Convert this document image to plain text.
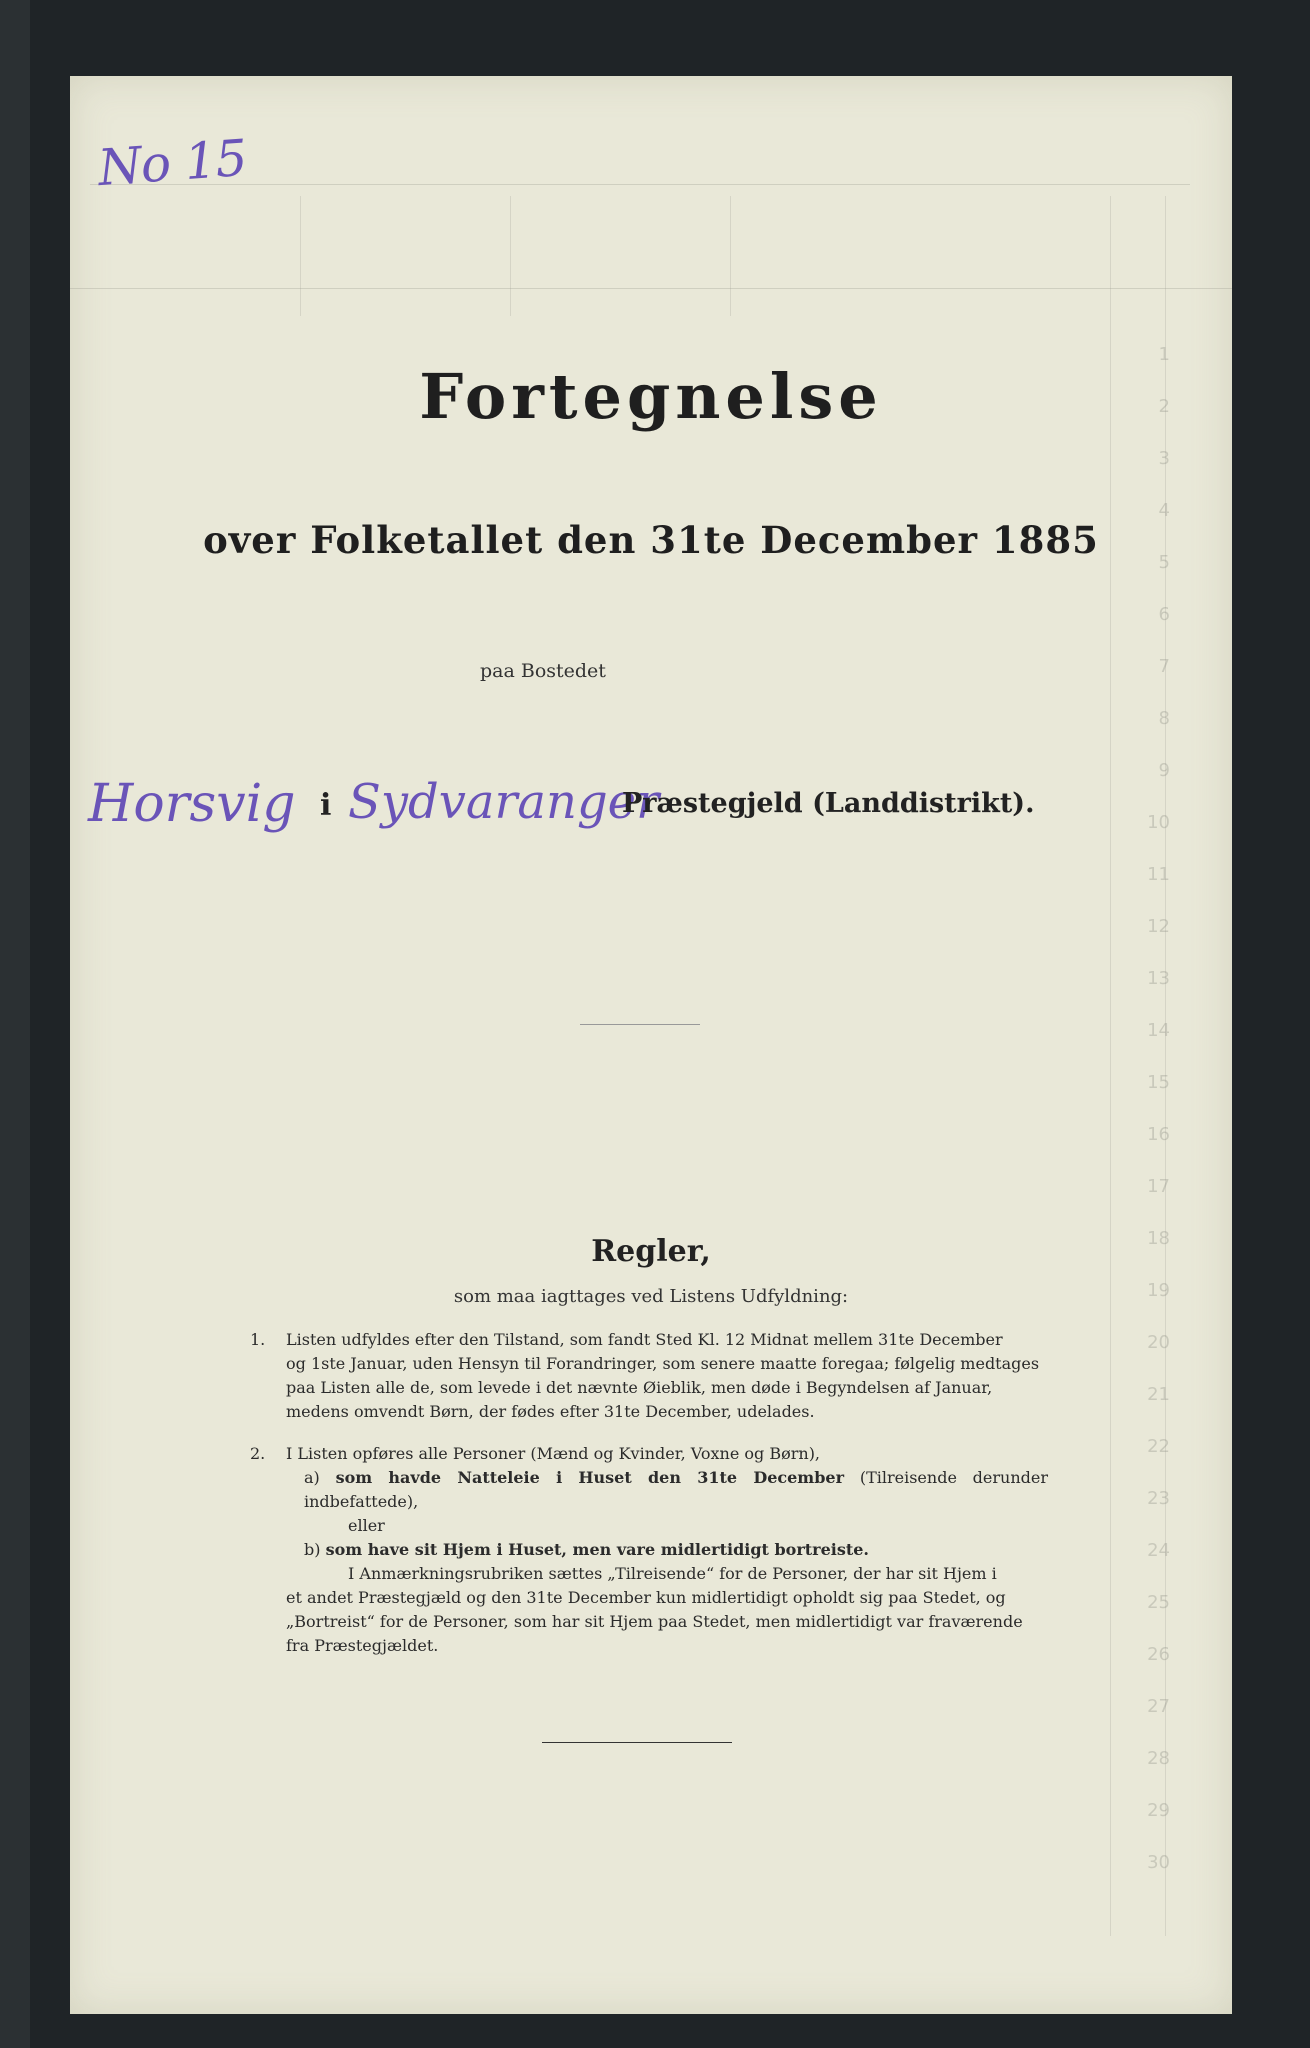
1
2
3
4
5
6
7
8
9
10
11
12
13
14
15
16
17
18
19
20
21
22
23
24
25
26
27
28
29
30
No 15
Fortegnelse
over Folketallet den 31te December 1885
paa Bostedet
Horsvig i Sydvaranger
Præstegjeld (Landdistrikt).
Regler,
som maa iagttages ved Listens Udfyldning:
1. Listen udfyldes efter den Tilstand, som fandt Sted Kl. 12 Midnat mellem 31te December
og 1ste Januar, uden Hensyn til Forandringer, som senere maatte foregaa; følgelig medtages
paa Listen alle de, som levede i det nævnte Øieblik, men døde i Begyndelsen af Januar,
medens omvendt Børn, der fødes efter 31te December, udelades.
2. I Listen opføres alle Personer (Mænd og Kvinder, Voxne og Børn),
a) som havde Natteleie i Huset den 31te December (Tilreisende derunder indbefattede),
eller
b) som have sit Hjem i Huset, men vare midlertidigt bortreiste.
I Anmærkningsrubriken sættes „Tilreisende“ for de Personer, der har sit Hjem i
et andet Præstegjæld og den 31te December kun midlertidigt opholdt sig paa Stedet, og
„Bortreist“ for de Personer, som har sit Hjem paa Stedet, men midlertidigt var fraværende
fra Præstegjældet.
